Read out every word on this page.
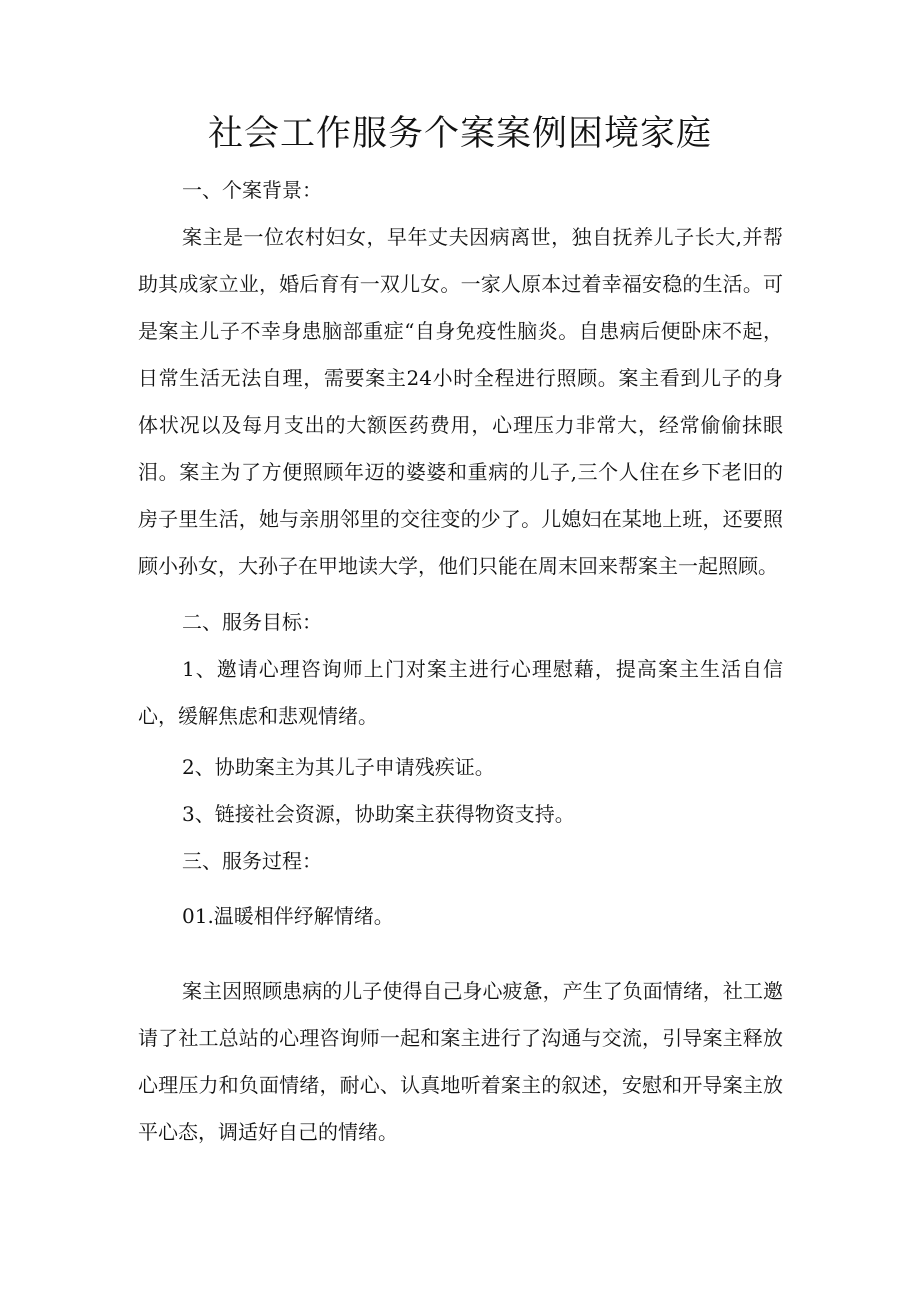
社会工作服务个案案例困境家庭

一、个案背景：

案主是一位农村妇女，早年丈夫因病离世，独自抚养儿子长大,并帮助其成家立业，婚后育有一双儿女。一家人原本过着幸福安稳的生活。可是案主儿子不幸身患脑部重症“自身免疫性脑炎。自患病后便卧床不起，日常生活无法自理，需要案主24小时全程进行照顾。案主看到儿子的身体状况以及每月支出的大额医药费用，心理压力非常大，经常偷偷抹眼泪。案主为了方便照顾年迈的婆婆和重病的儿子,三个人住在乡下老旧的房子里生活，她与亲朋邻里的交往变的少了。儿媳妇在某地上班，还要照顾小孙女，大孙子在甲地读大学，他们只能在周末回来帮案主一起照顾。

二、服务目标：

1、邀请心理咨询师上门对案主进行心理慰藉，提高案主生活自信心，缓解焦虑和悲观情绪。

2、协助案主为其儿子申请残疾证。

3、链接社会资源，协助案主获得物资支持。

三、服务过程：

01.温暖相伴纾解情绪。

案主因照顾患病的儿子使得自己身心疲惫，产生了负面情绪，社工邀请了社工总站的心理咨询师一起和案主进行了沟通与交流，引导案主释放心理压力和负面情绪，耐心、认真地听着案主的叙述，安慰和开导案主放平心态，调适好自己的情绪。
